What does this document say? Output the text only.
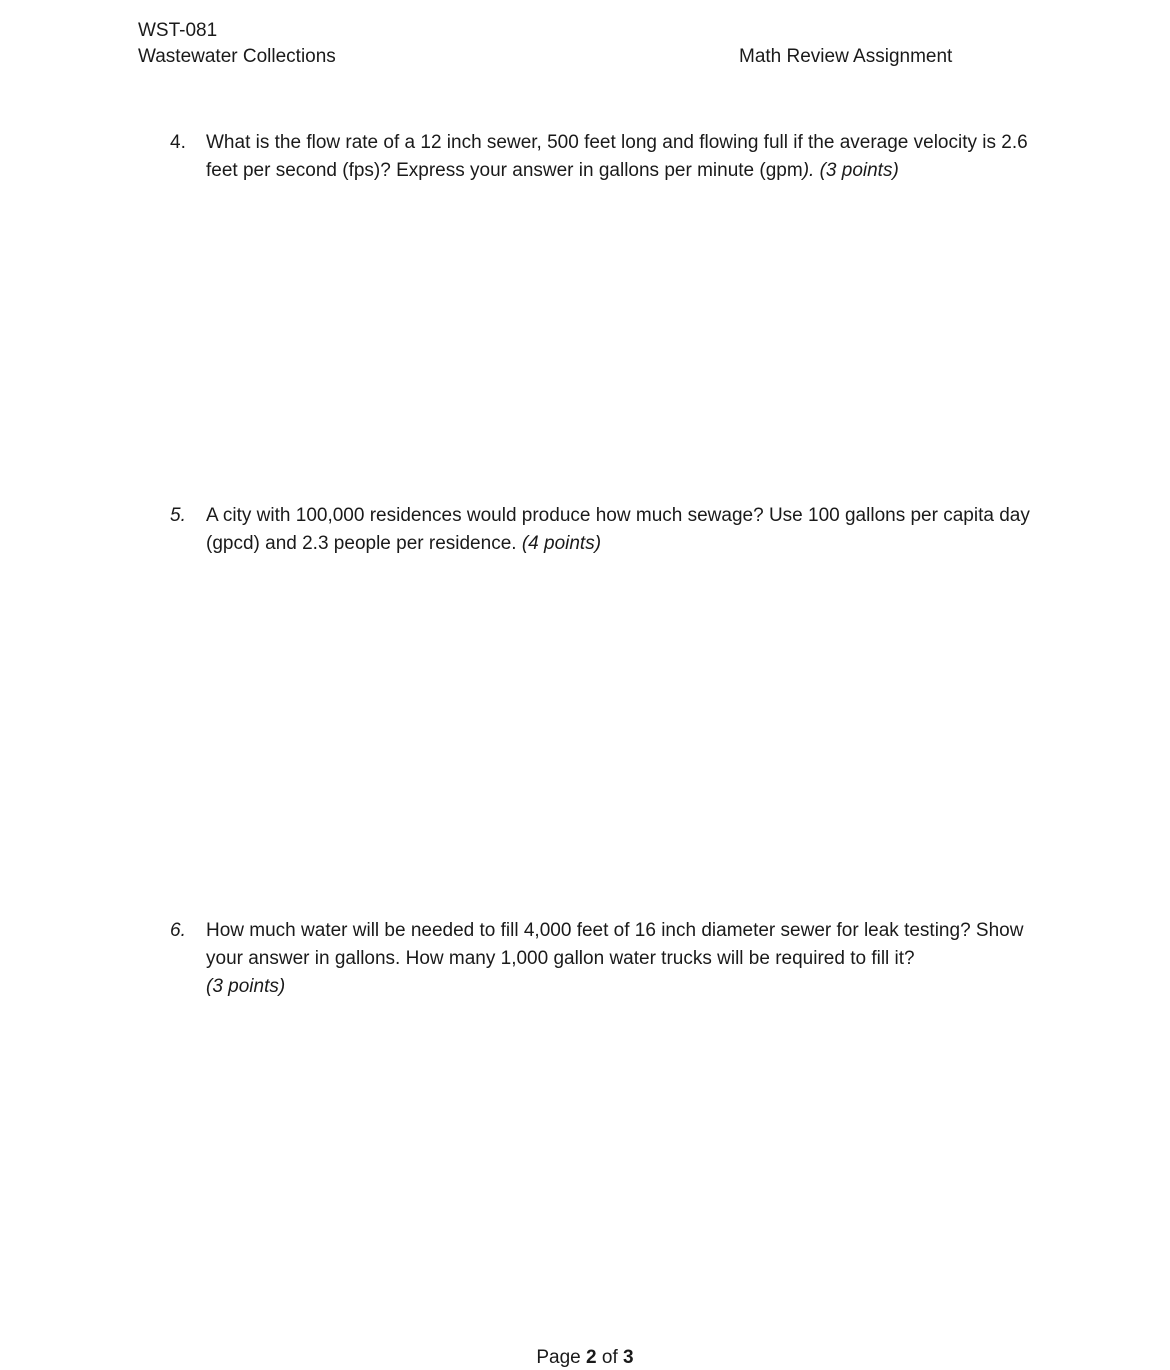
WST-081
Wastewater Collections	Math Review Assignment
4.	What is the flow rate of a 12 inch sewer, 500 feet long and flowing full if the average velocity is 2.6 feet per second (fps)? Express your answer in gallons per minute (gpm). (3 points)
5.	A city with 100,000 residences would produce how much sewage? Use 100 gallons per capita day (gpcd) and 2.3 people per residence. (4 points)
6.	How much water will be needed to fill 4,000 feet of 16 inch diameter sewer for leak testing? Show your answer in gallons. How many 1,000 gallon water trucks will be required to fill it?
(3 points)
Page 2 of 3
